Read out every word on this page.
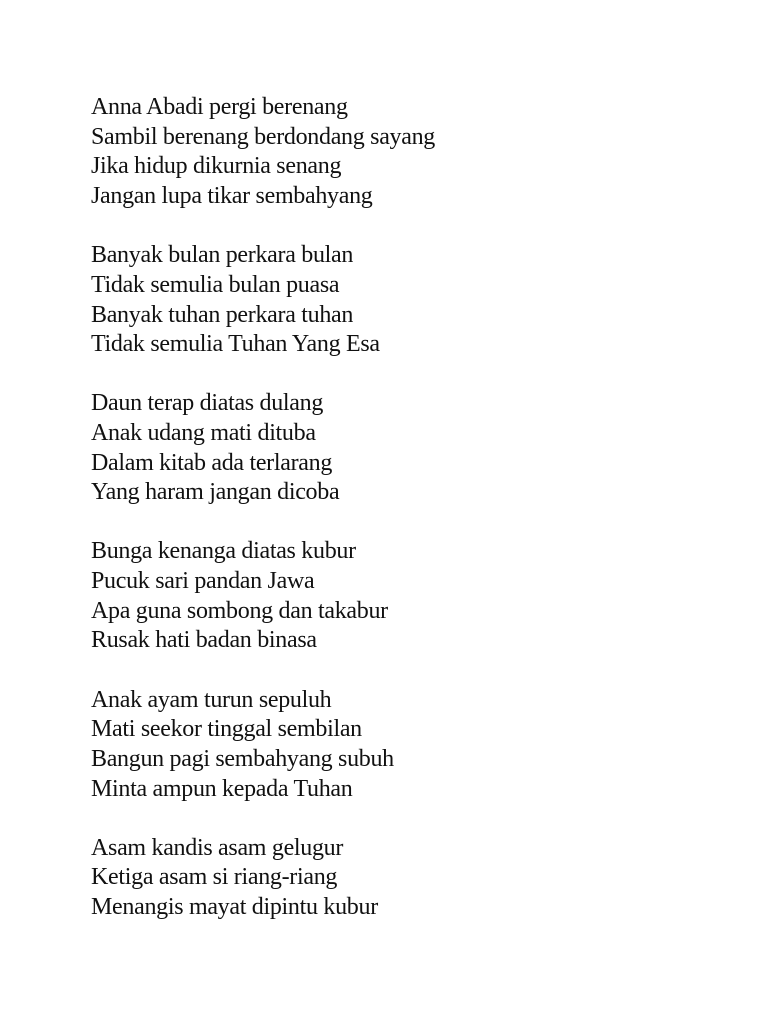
Anna Abadi pergi berenang
Sambil berenang berdondang sayang
Jika hidup dikurnia senang
Jangan lupa tikar sembahyang
Banyak bulan perkara bulan
Tidak semulia bulan puasa
Banyak tuhan perkara tuhan
Tidak semulia Tuhan Yang Esa
Daun terap diatas dulang
Anak udang mati dituba
Dalam kitab ada terlarang
Yang haram jangan dicoba
Bunga kenanga diatas kubur
Pucuk sari pandan Jawa
Apa guna sombong dan takabur
Rusak hati badan binasa
Anak ayam turun sepuluh
Mati seekor tinggal sembilan
Bangun pagi sembahyang subuh
Minta ampun kepada Tuhan
Asam kandis asam gelugur
Ketiga asam si riang-riang
Menangis mayat dipintu kubur
